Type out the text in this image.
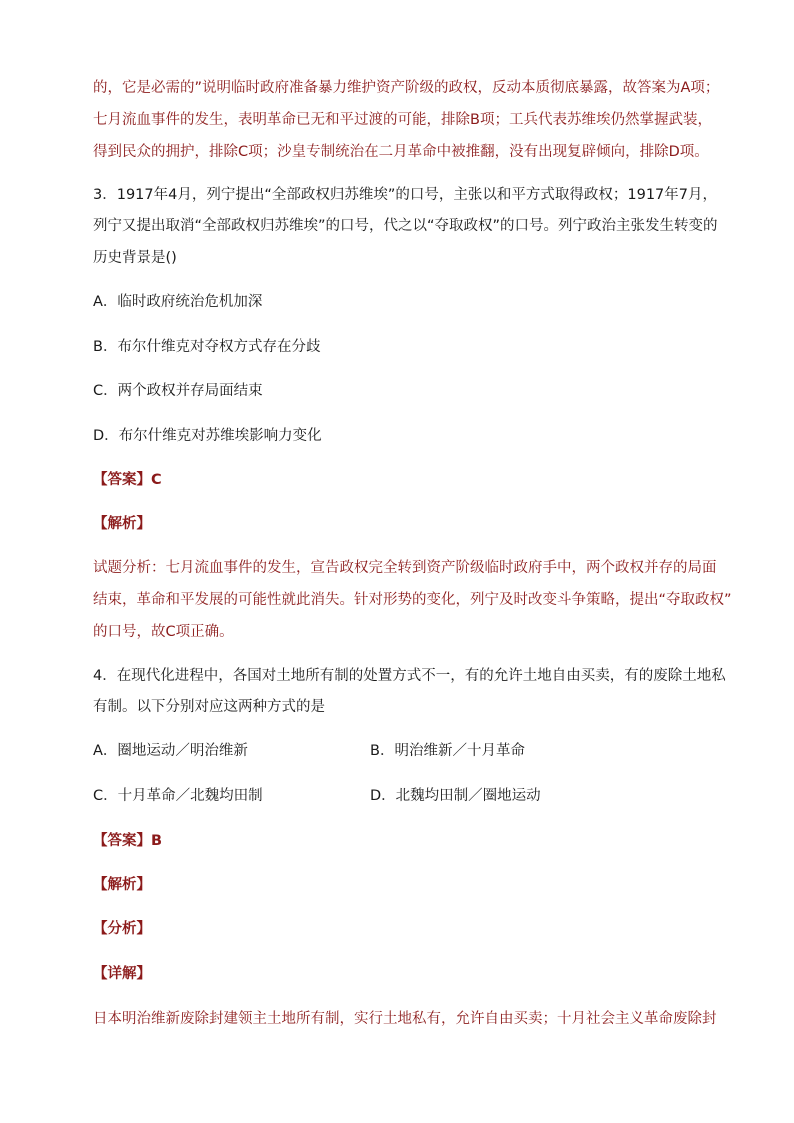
的，它是必需的”说明临时政府准备暴力维护资产阶级的政权，反动本质彻底暴露，故答案为A项；
七月流血事件的发生，表明革命已无和平过渡的可能，排除B项；工兵代表苏维埃仍然掌握武装，
得到民众的拥护，排除C项；沙皇专制统治在二月革命中被推翻，没有出现复辟倾向，排除D项。
3．1917年4月，列宁提出“全部政权归苏维埃”的口号，主张以和平方式取得政权；1917年7月，
列宁又提出取消“全部政权归苏维埃”的口号，代之以“夺取政权”的口号。列宁政治主张发生转变的
历史背景是()
A．临时政府统治危机加深
B．布尔什维克对夺权方式存在分歧
C．两个政权并存局面结束
D．布尔什维克对苏维埃影响力变化
【答案】C
【解析】
试题分析：七月流血事件的发生，宣告政权完全转到资产阶级临时政府手中，两个政权并存的局面
结束，革命和平发展的可能性就此消失。针对形势的变化，列宁及时改变斗争策略，提出“夺取政权”
的口号，故C项正确。
4．在现代化进程中，各国对土地所有制的处置方式不一，有的允许土地自由买卖，有的废除土地私
有制。以下分别对应这两种方式的是
A．圈地运动／明治维新	B．明治维新／十月革命
C．十月革命／北魏均田制	D．北魏均田制／圈地运动
【答案】B
【解析】
【分析】
【详解】
日本明治维新废除封建领主土地所有制，实行土地私有，允许自由买卖；十月社会主义革命废除封
